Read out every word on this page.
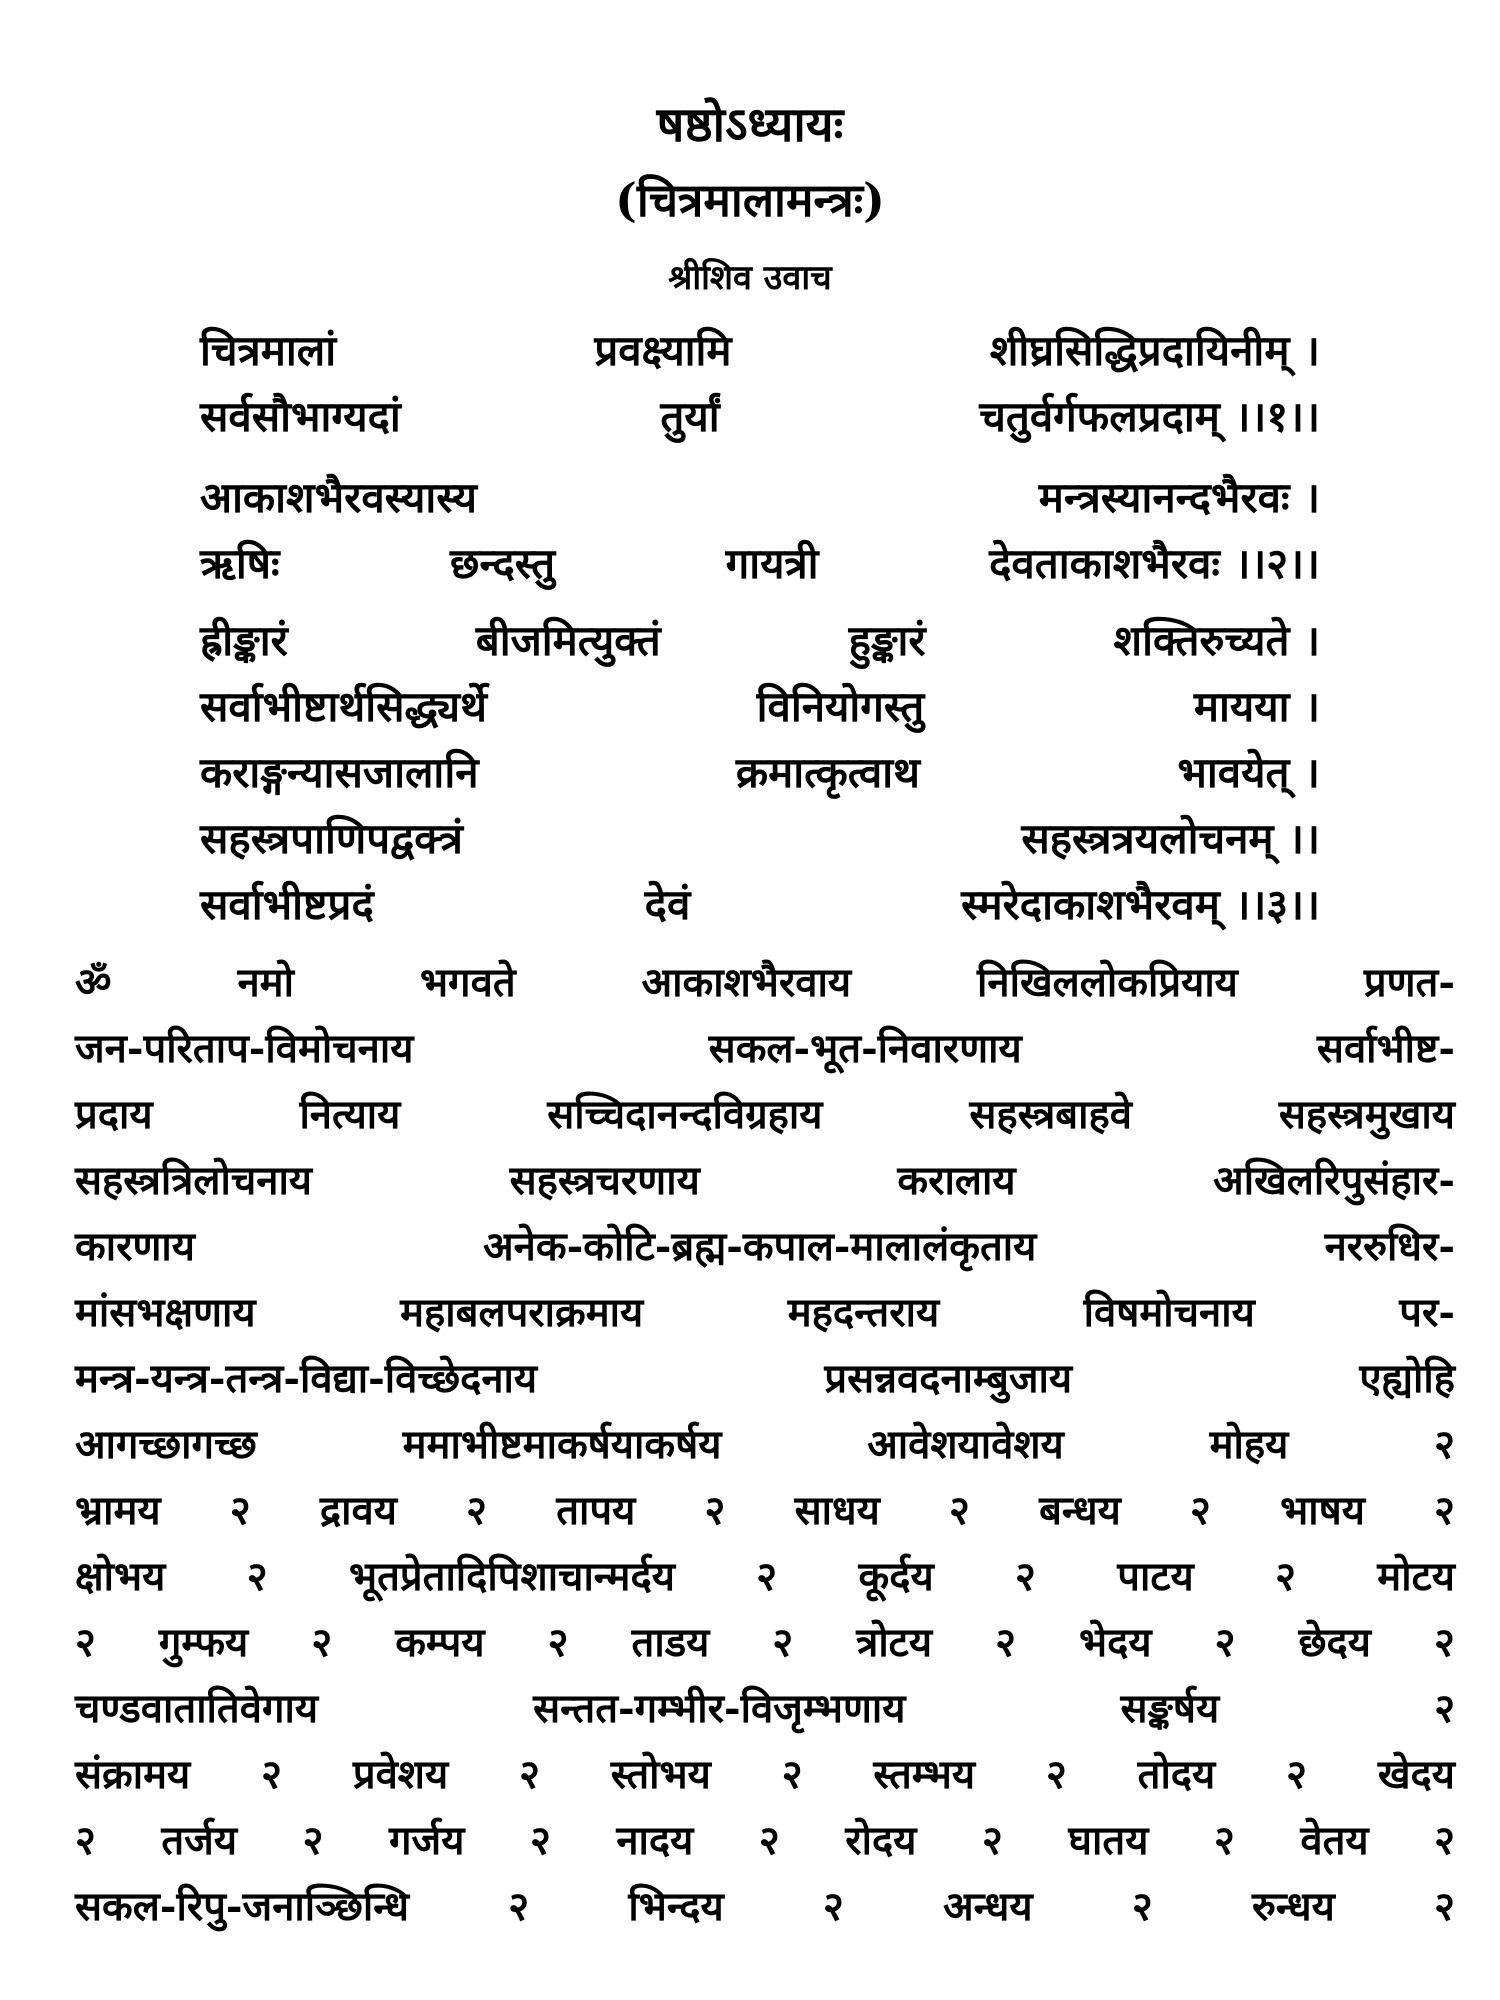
षष्ठोऽध्यायः
(चित्रमालामन्त्रः)
श्रीशिव उवाच
चित्रमालां	प्रवक्ष्यामि	शीघ्रसिद्धिप्रदायिनीम् ।
सर्वसौभाग्यदां	तुर्यां	चतुर्वर्गफलप्रदाम् ।।१।।
आकाशभैरवस्यास्य	मन्त्रस्यानन्दभैरवः ।
ऋषिः	छन्दस्तु	गायत्री	देवताकाशभैरवः ।।२।।
ह्रीङ्कारं	बीजमित्युक्तं	हुङ्कारं	शक्तिरुच्यते ।
सर्वाभीष्टार्थसिद्ध्यर्थे	विनियोगस्तु	मायया ।
कराङ्गन्यासजालानि	क्रमात्कृत्वाथ	भावयेत् ।
सहस्त्रपाणिपद्वक्त्रं	सहस्त्रत्रयलोचनम् ।।
सर्वाभीष्टप्रदं	देवं	स्मरेदाकाशभैरवम् ।।३।।
ॐ	नमो	भगवते	आकाशभैरवाय	निखिललोकप्रियाय	प्रणत-
जन-परिताप-विमोचनाय	सकल-भूत-निवारणाय	सर्वाभीष्ट-
प्रदाय	नित्याय	सच्चिदानन्दविग्रहाय	सहस्त्रबाहवे	सहस्त्रमुखाय
सहस्त्रत्रिलोचनाय	सहस्त्रचरणाय	करालाय	अखिलरिपुसंहार-
कारणाय	अनेक-कोटि-ब्रह्म-कपाल-मालालंकृताय	नररुधिर-
मांसभक्षणाय	महाबलपराक्रमाय	महदन्तराय	विषमोचनाय	पर-
मन्त्र-यन्त्र-तन्त्र-विद्या-विच्छेदनाय	प्रसन्नवदनाम्बुजाय	एह्योहि
आगच्छागच्छ	ममाभीष्टमाकर्षयाकर्षय	आवेशयावेशय	मोहय	२
भ्रामय २ द्रावय २ तापय २ साधय २ बन्धय २ भाषय २
क्षोभय २ भूतप्रेतादिपिशाचान्मर्दय २ कूर्दय २ पाटय २ मोटय
२ गुम्फय २ कम्पय २ ताडय २ त्रोटय २ भेदय २ छेदय २
चण्डवातातिवेगाय	सन्तत-गम्भीर-विजृम्भणाय	सङ्कर्षय	२
संक्रामय २ प्रवेशय २ स्तोभय २ स्तम्भय २ तोदय २ खेदय
२ तर्जय २ गर्जय २ नादय २ रोदय २ घातय २ वेतय २
सकल-रिपु-जनाञ्छिन्धि २ भिन्दय २ अन्धय २ रुन्धय २
